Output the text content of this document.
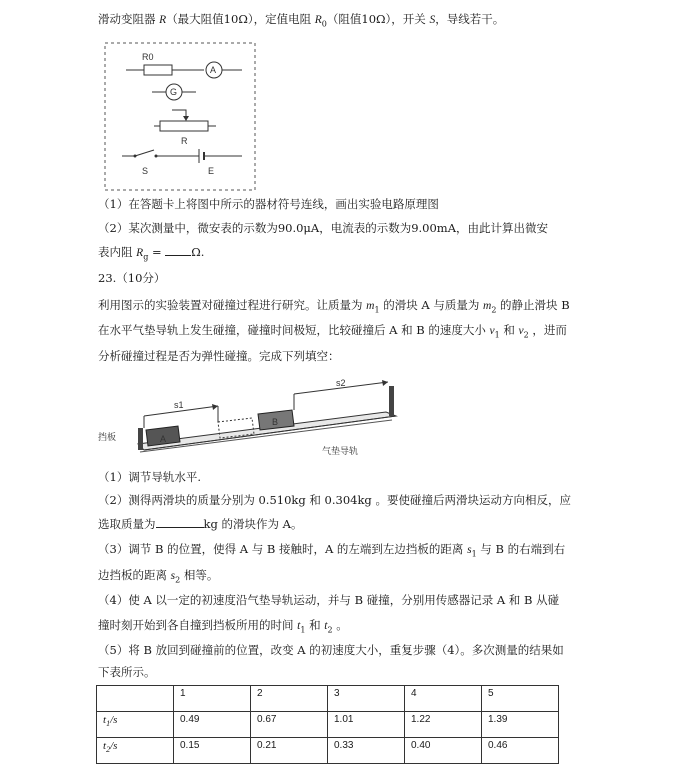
滑动变阻器 R（最大阻值10Ω），定值电阻 $R_0$（阻值10Ω），开关 S，导线若干。
R0
A
G
R
S	E
（1）在答题卡上将图中所示的器材符号连线，画出实验电路原理图
（2）某次测量中，微安表的示数为90.0μA，电流表的示数为9.00mA，由此计算出微安
表内阻 $R_g$ =	Ω.
23.（10分）
利用图示的实验装置对碰撞过程进行研究。让质量为 $m_1$ 的滑块 A 与质量为 $m_2$ 的静止滑块 B
在水平气垫导轨上发生碰撞，碰撞时间极短，比较碰撞后 A 和 B 的速度大小 $v_1$ 和 $v_2$ ，进而
分析碰撞过程是否为弹性碰撞。完成下列填空：
A
B
s1
s2
挡板
气垫导轨
（1）调节导轨水平.
（2）测得两滑块的质量分别为 0.510kg 和 0.304kg 。要使碰撞后两滑块运动方向相反，应
选取质量为	kg 的滑块作为 A。
（3）调节 B 的位置，使得 A 与 B 接触时，A 的左端到左边挡板的距离 $s_1$ 与 B 的右端到右
边挡板的距离 $s_2$ 相等。
（4）使 A 以一定的初速度沿气垫导轨运动，并与 B 碰撞，分别用传感器记录 A 和 B 从碰
撞时刻开始到各自撞到挡板所用的时间 $t_1$ 和 $t_2$ 。
（5）将 B 放回到碰撞前的位置，改变 A 的初速度大小，重复步骤（4）。多次测量的结果如
下表所示。
	1	2	3	4	5
$t_1/s$	0.49	0.67	1.01	1.22	1.39
$t_2/s$	0.15	0.21	0.33	0.40	0.46
